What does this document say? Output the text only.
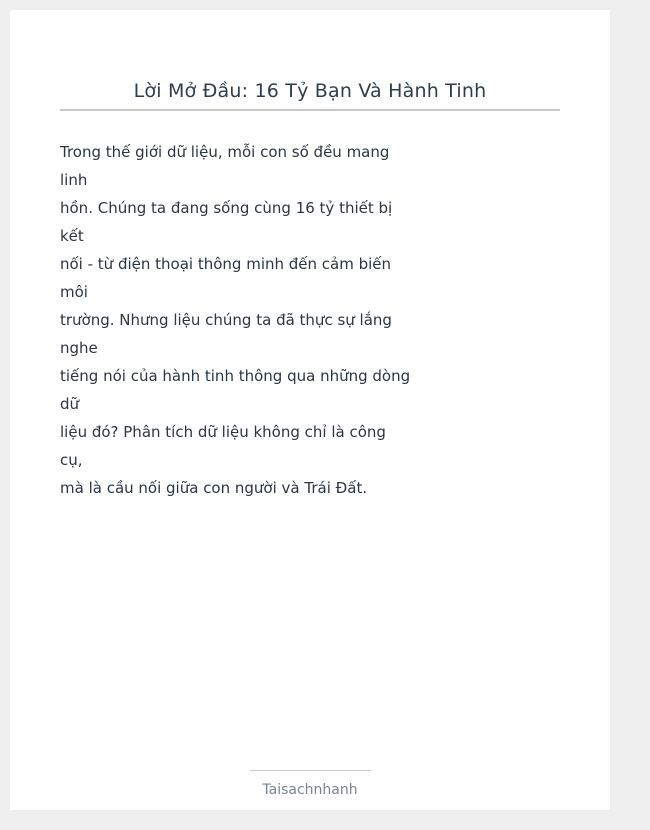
Lời Mở Đầu: 16 Tỷ Bạn Và Hành Tinh
Trong thế giới dữ liệu, mỗi con số đều mang
linh
hồn. Chúng ta đang sống cùng 16 tỷ thiết bị
kết
nối - từ điện thoại thông minh đến cảm biến
môi
trường. Nhưng liệu chúng ta đã thực sự lắng
nghe
tiếng nói của hành tinh thông qua những dòng
dữ
liệu đó? Phân tích dữ liệu không chỉ là công
cụ,
mà là cầu nối giữa con người và Trái Đất.
Taisachnhanh
